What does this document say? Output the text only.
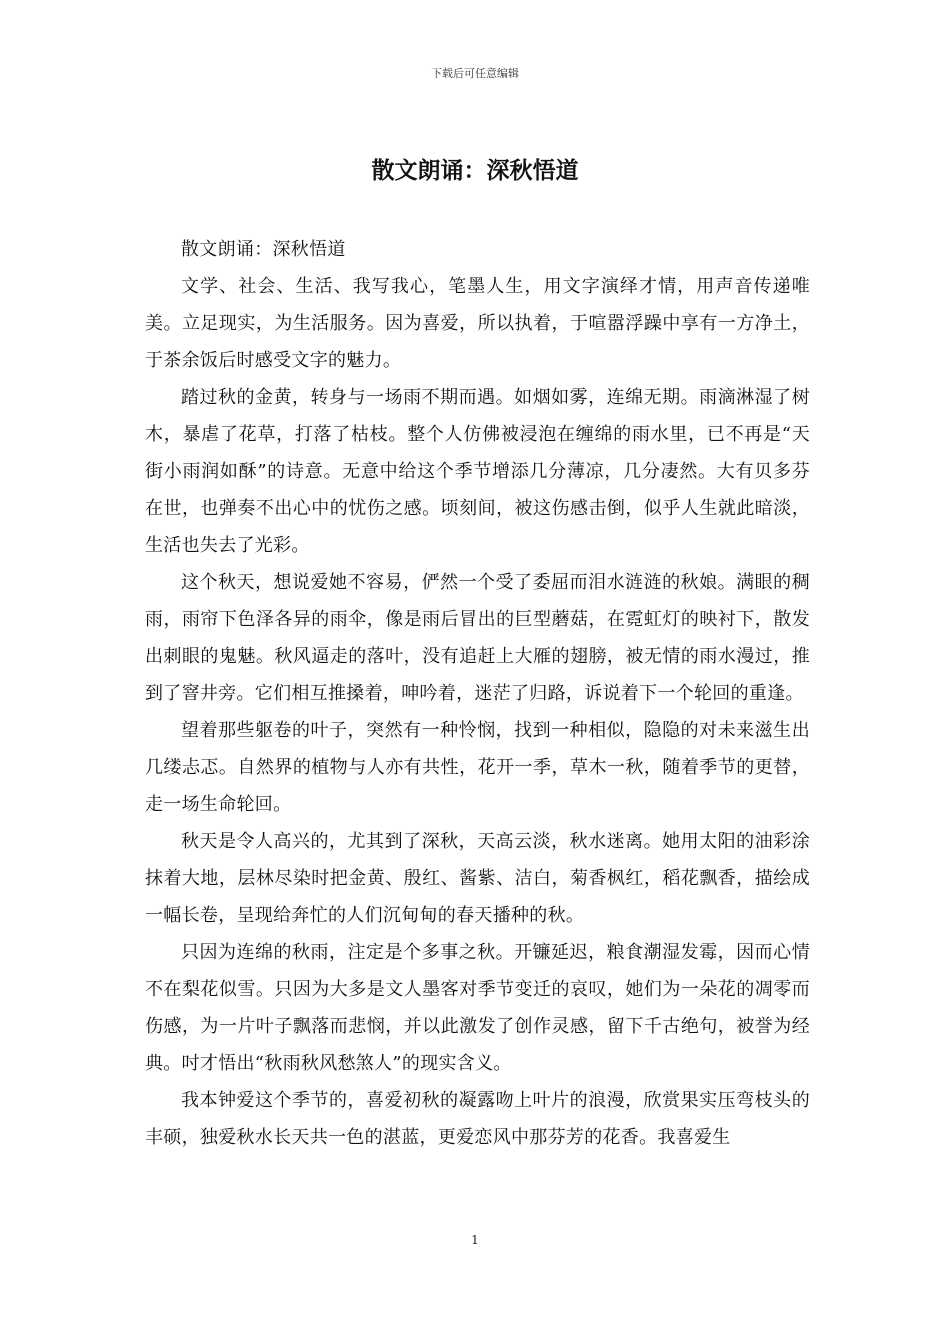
下载后可任意编辑
散文朗诵：深秋悟道

散文朗诵：深秋悟道

文学、社会、生活、我写我心，笔墨人生，用文字演绎才情，用声音传递唯美。立足现实，为生活服务。因为喜爱，所以执着，于喧嚣浮躁中享有一方净土，于茶余饭后时感受文字的魅力。

踏过秋的金黄，转身与一场雨不期而遇。如烟如雾，连绵无期。雨滴淋湿了树木，暴虐了花草，打落了枯枝。整个人仿佛被浸泡在缠绵的雨水里，已不再是“天街小雨润如酥”的诗意。无意中给这个季节增添几分薄凉，几分凄然。大有贝多芬在世，也弹奏不出心中的忧伤之感。顷刻间，被这伤感击倒，似乎人生就此暗淡，生活也失去了光彩。

这个秋天，想说爱她不容易，俨然一个受了委屈而泪水涟涟的秋娘。满眼的稠雨，雨帘下色泽各异的雨伞，像是雨后冒出的巨型蘑菇，在霓虹灯的映衬下，散发出刺眼的鬼魅。秋风逼走的落叶，没有追赶上大雁的翅膀，被无情的雨水漫过，推到了窨井旁。它们相互推搡着，呻吟着，迷茫了归路，诉说着下一个轮回的重逢。

望着那些躯卷的叶子，突然有一种怜悯，找到一种相似，隐隐的对未来滋生出几缕忐忑。自然界的植物与人亦有共性，花开一季，草木一秋，随着季节的更替，走一场生命轮回。

秋天是令人高兴的，尤其到了深秋，天高云淡，秋水迷离。她用太阳的油彩涂抹着大地，层林尽染时把金黄、殷红、酱紫、洁白，菊香枫红，稻花飘香，描绘成一幅长卷，呈现给奔忙的人们沉甸甸的春天播种的秋。

只因为连绵的秋雨，注定是个多事之秋。开镰延迟，粮食潮湿发霉，因而心情不在梨花似雪。只因为大多是文人墨客对季节变迁的哀叹，她们为一朵花的凋零而伤感，为一片叶子飘落而悲悯，并以此激发了创作灵感，留下千古绝句，被誉为经典。吋才悟出“秋雨秋风愁煞人”的现实含义。

我本钟爱这个季节的，喜爱初秋的凝露吻上叶片的浪漫，欣赏果实压弯枝头的丰硕，独爱秋水长天共一色的湛蓝，更爱恋风中那芬芳的花香。我喜爱生

1
